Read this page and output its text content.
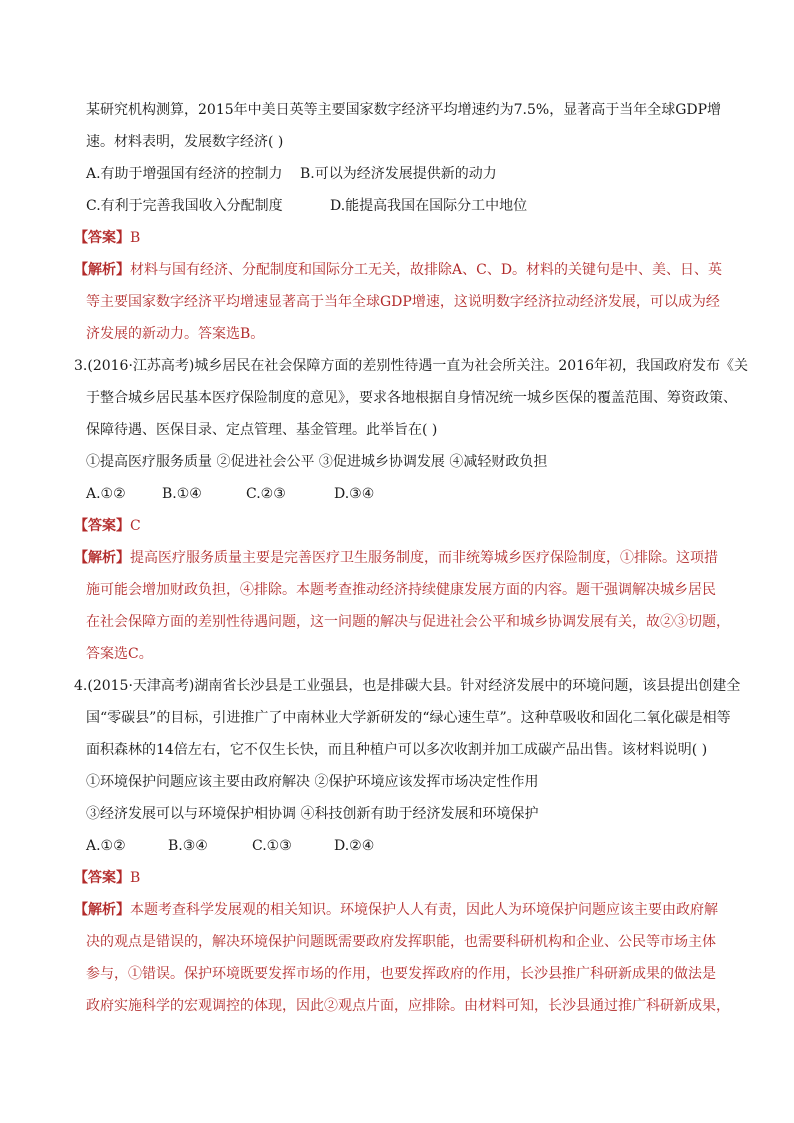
某研究机构测算，2015年中美日英等主要国家数字经济平均增速约为7.5%，显著高于当年全球GDP增
速。材料表明，发展数字经济( )
A.有助于增强国有经济的控制力 B.可以为经济发展提供新的动力
C.有利于完善我国收入分配制度	D.能提高我国在国际分工中地位
【答案】B
【解析】材料与国有经济、分配制度和国际分工无关，故排除A、C、D。材料的关键句是中、美、日、英
等主要国家数字经济平均增速显著高于当年全球GDP增速，这说明数字经济拉动经济发展，可以成为经
济发展的新动力。答案选B。
3.(2016·江苏高考)城乡居民在社会保障方面的差别性待遇一直为社会所关注。2016年初，我国政府发布《关
于整合城乡居民基本医疗保险制度的意见》，要求各地根据自身情况统一城乡医保的覆盖范围、筹资政策、
保障待遇、医保目录、定点管理、基金管理。此举旨在( )
①提高医疗服务质量 ②促进社会公平 ③促进城乡协调发展 ④减轻财政负担
A.①②	B.①④	C.②③	D.③④
【答案】C
【解析】提高医疗服务质量主要是完善医疗卫生服务制度，而非统筹城乡医疗保险制度，①排除。这项措
施可能会增加财政负担，④排除。本题考查推动经济持续健康发展方面的内容。题干强调解决城乡居民
在社会保障方面的差别性待遇问题，这一问题的解决与促进社会公平和城乡协调发展有关，故②③切题，
答案选C。
4.(2015·天津高考)湖南省长沙县是工业强县，也是排碳大县。针对经济发展中的环境问题，该县提出创建全
国“零碳县”的目标，引进推广了中南林业大学新研发的“绿心速生草”。这种草吸收和固化二氧化碳是相等
面积森林的14倍左右，它不仅生长快，而且种植户可以多次收割并加工成碳产品出售。该材料说明( )
①环境保护问题应该主要由政府解决 ②保护环境应该发挥市场决定性作用
③经济发展可以与环境保护相协调 ④科技创新有助于经济发展和环境保护
A.①②	B.③④	C.①③	D.②④
【答案】B
【解析】本题考查科学发展观的相关知识。环境保护人人有责，因此人为环境保护问题应该主要由政府解
决的观点是错误的，解决环境保护问题既需要政府发挥职能，也需要科研机构和企业、公民等市场主体
参与，①错误。保护环境既要发挥市场的作用，也要发挥政府的作用，长沙县推广科研新成果的做法是
政府实施科学的宏观调控的体现，因此②观点片面，应排除。由材料可知，长沙县通过推广科研新成果，
